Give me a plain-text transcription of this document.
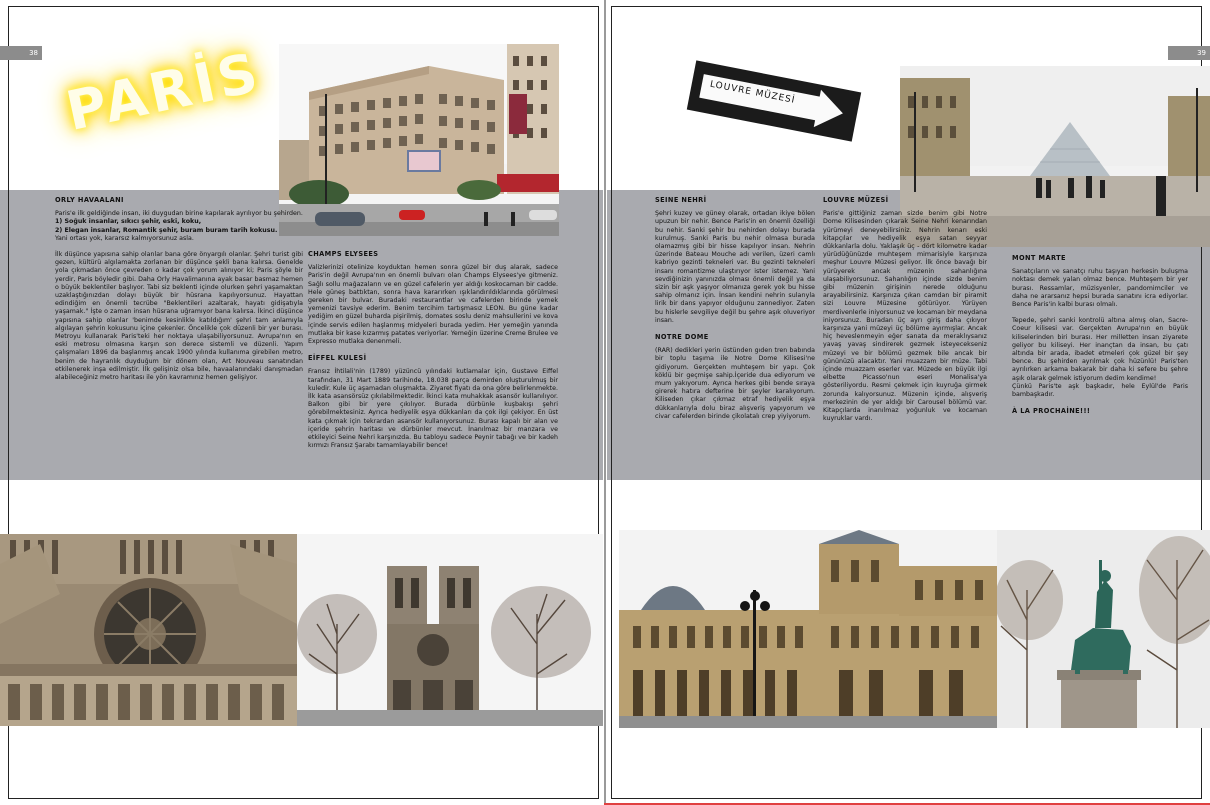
38 PARİS
ORLY HAVAALANI

Paris'e ilk geldiğinde insan, iki duygudan birine kapılarak ayrılıyor bu şehirden.

1) Soğuk insanlar, sıkıcı şehir, eski, koku,

2) Elegan insanlar, Romantik şehir, buram buram tarih kokusu.

Yani ortası yok, kararsız kalmıyorsunuz asla.

İlk düşünce yapısına sahip olanlar bana göre önyargılı olanlar. Şehri turist gibi gezen, kültürü algılamakta zorlanan bir düşünce şekli bana kalırsa. Genelde yola çıkmadan önce çevreden o kadar çok yorum alınıyor ki; Paris şöyle bir yerdir, Paris böyledir gibi. Daha Orly Havalimanına ayak basar basmaz hemen o büyük beklentiler başlıyor. Tabi siz beklenti içinde olurken şehri yaşamaktan uzaklaştığınızdan dolayı büyük bir hüsrana kapılıyorsunuz. Hayattan edindiğim en önemli tecrübe "Beklentileri azaltarak, hayatı gidişatıyla yaşamak." İşte o zaman insan hüsrana uğramıyor bana kalırsa. İkinci düşünce yapısına sahip olanlar 'benimde kesinlikle katıldığım' şehri tam anlamıyla algılayan şehrin kokusunu içine çekenler. Öncelikle çok düzenli bir yer burası. Metroyu kullanarak Paris'teki her noktaya ulaşabiliyorsunuz. Avrupa'nın en eski metrosu olmasına karşın son derece sistemli ve düzenli. Yapım çalışmaları 1896 da başlanmış ancak 1900 yılında kullanıma girebilen metro, benim de hayranlık duyduğum bir dönem olan, Art Nouveau sanatından etkilenerek inşa edilmiştir. İlk gelişiniz olsa bile, havaalanındaki danışmadan alabileceğiniz metro haritası ile yön kavramınız hemen gelişiyor.

CHAMPS ELYSEES

Valizlerinizi otelinize koyduktan hemen sonra güzel bir duş alarak, sadece Paris'in değil Avrupa'nın en önemli bulvarı olan Champs Elysees'ye gitmeniz. Sağlı sollu mağazaların ve en güzel cafelerin yer aldığı koskocaman bir cadde. Hele güneş battıktan, sonra hava kararırken ışıklandırıldıklarında görülmesi gereken bir bulvar. Buradaki restaurantlar ve cafelerden birinde yemek yemenizi tavsiye ederim. Benim tercihim tartışmasız LEON. Bu güne kadar yediğim en güzel buharda pişirilmiş, domates soslu deniz mahsullerini ve kova içinde servis edilen haşlanmış midyeleri burada yedim. Her yemeğin yanında mutlaka bir kase kızarmış patates veriyorlar. Yemeğin üzerine Creme Brulee ve Expresso mutlaka denenmeli.

EİFFEL KULESİ

Fransız İhtilali'nin (1789) yüzüncü yılındaki kutlamalar için, Gustave Eiffel tarafından, 31 Mart 1889 tarihinde, 18.038 parça demirden oluşturulmuş bir kuledir. Kule üç aşamadan oluşmakta. Ziyaret fiyatı da ona göre belirlenmekte. İlk kata asansörsüz çıkılabilmektedir. İkinci kata muhakkak asansör kullanılıyor. Balkon gibi bir yere çıkılıyor. Burada dürbünle kuşbakışı şehri görebilmektesiniz. Ayrıca hediyelik eşya dükkanları da çok ilgi çekiyor. En üst kata çıkmak için tekrardan asansör kullanıyorsunuz. Burası kapalı bir alan ve içeride şehrin haritası ve dürbünler mevcut. İnanılmaz bir manzara ve etkileyici Seine Nehri karşınızda. Bu tabloyu sadece Peynir tabağı ve bir kadeh kırmızı Fransız Şarabı tamamlayabilir bence!

39
LOUVRE MÜZESİ
SEINE NEHRİ

Şehri kuzey ve güney olarak, ortadan ikiye bölen upuzun bir nehir. Bence Paris'in en önemli özelliği bu nehir. Sanki şehir bu nehirden dolayı burada kurulmuş. Sanki Paris bu nehir olmasa burada olamazmış gibi bir hisse kapılıyor insan. Nehrin üzerinde Bateau Mouche adı verilen, üzeri camlı kabriyo gezinti tekneleri var. Bu gezinti tekneleri insanı romantizme ulaştırıyor ister istemez. Yani sevdiğinizin yanınızda olması önemli değil ya da sizin bir aşk yaşıyor olmanıza gerek yok bu hisse sahip olmanız için. İnsan kendini nehrin sularıyla lirik bir dans yapıyor olduğunu zannediyor. Zaten bu hislerle sevgiliye değil bu şehre aşık oluveriyor insan.

NOTRE DOME

(RAR) dedikleri yerin üstünden gıden tren babında bir toplu taşıma ile Notre Dome Kilisesi'ne gidiyorum. Gerçekten muhteşem bir yapı. Çok köklü bir geçmişe sahip.İçeride dua ediyorum ve mum yakıyorum. Ayrıca herkes gibi bende sıraya girerek hatıra defterine bir şeyler karalıyorum. Kiliseden çıkar çıkmaz etraf hediyelik eşya dükkanlarıyla dolu biraz alışveriş yapıyorum ve civar cafelerden birinde çikolatalı crep yiyiyorum.

LOUVRE MÜZESİ

Paris'e gittiğiniz zaman sizde benim gibi Notre Dome Kilisesinden çıkarak Seine Nehri kenarından yürümeyi deneyebilirsiniz. Nehrin kenarı eski kitapçılar ve hediyelik eşya satan seyyar dükkanlarla dolu. Yaklaşık üç - dört kilometre kadar yürüdüğünüzde muhteşem mimarisiyle karşınıza meşhur Louvre Müzesi geliyor. İlk önce bavağı bir yürüyerek ancak müzenin sahanlığına ulaşabiliyorsunuz. Sahanlığın içinde sizde benim gibi müzenin girişinin nerede olduğunu arayabilirsiniz. Karşınıza çıkan camdan bir piramit sizi Louvre Müzesine götürüyor. Yürüyen merdivenlerle iniyorsunuz ve kocaman bir meydana iniyorsunuz. Buradan üç ayrı giriş daha çıkıyor karşınıza yani müzeyi üç bölüme ayırmışlar. Ancak hiç heveslenmeyin eğer sanata da meraklıysanız yavaş yavaş sindirerek gezmek isteyecekseniz müzeyi ve bir bölümü gezmek bile ancak bir gününüzü alacaktır. Yani muazzam bir müze. Tabi içinde muazzam eserler var. Müzede en büyük ilgi elbette Picasso'nun eseri Monalisa'ya gösteriliyordu. Resmi çekmek için kuyruğa girmek zorunda kalıyorsunuz. Müzenin içinde, alışveriş merkezinin de yer aldığı bir Carousel bölümü var. Kitapçılarda inanılmaz yoğunluk ve kocaman kuyruklar vardı.

MONT MARTE

Sanatçıların ve sanatçı ruhu taşıyan herkesin buluşma noktası demek yalan olmaz bence. Muhteşem bir yer burası. Ressamlar, müzisyenler, pandomimciler ve daha ne ararsanız hepsi burada sanatını icra ediyorlar. Bence Paris'in kalbi burası olmalı.

Tepede, şehri sanki kontrolü altına almış olan, Sacre- Coeur kilisesi var. Gerçekten Avrupa'nın en büyük kiliselerinden biri burası. Her milletten insan ziyarete geliyor bu kiliseyi. Her inançtan da insan, bu çatı altında bir arada, ibadet etmeleri çok güzel bir şey bence. Bu şehirden ayrılmak çok hüzünlü! Paris'ten ayrılırken arkama bakarak bir daha ki sefere bu şehre aşık olarak gelmek istiyorum dedim kendime!

Çünkü Paris'te aşk başkadır, hele Eylül'de Paris bambaşkadır.

À LA PROCHAİNE!!!
